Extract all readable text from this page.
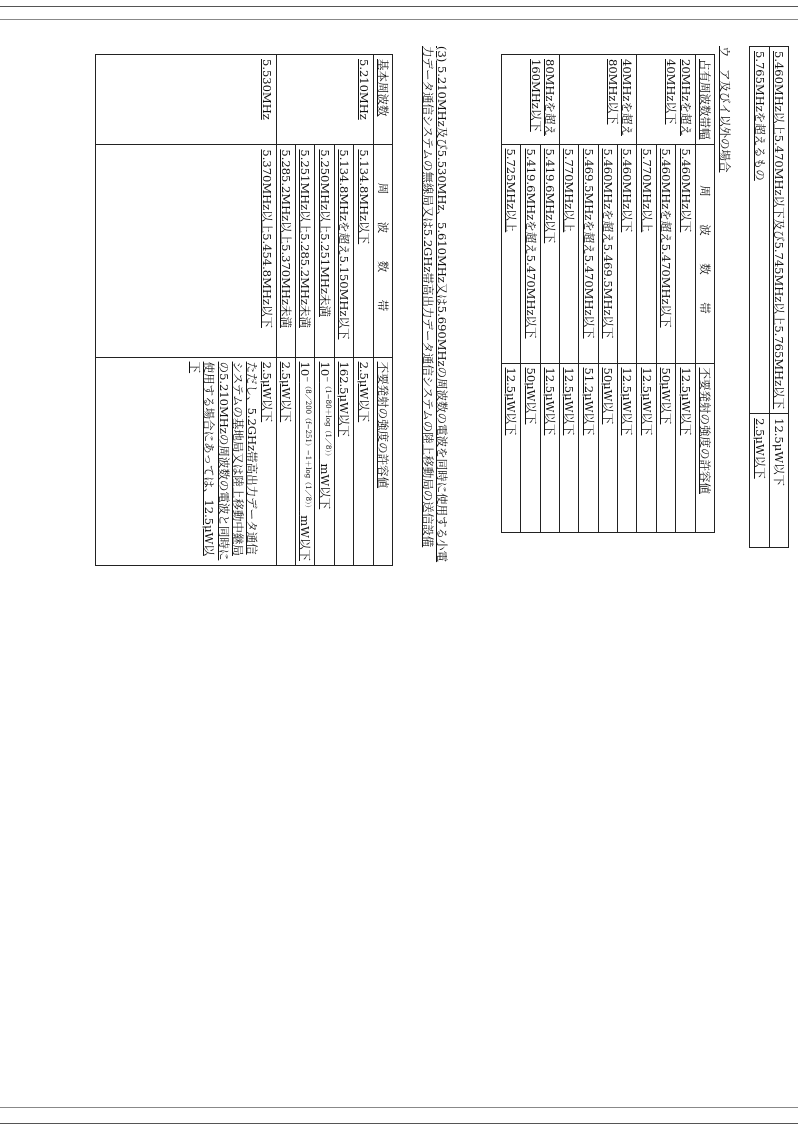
5.460MHz以上5.470MHz以下及び5.745MHz以上5.765MHz以下	12.5μW以下
5.765MHzを超えるもの	2.5μW以下
ウ　ア及びイ以外の場合
占有周波数帯幅	周　波　数　帯	不要発射の強度の許容値
20MHzを超え40MHz以下	5.460MHz以下	12.5μW以下
	5.460MHzを超え5.470MHz以下	50μW以下
	5.770MHz以上	12.5μW以下
40MHzを超え80MHz以下	5.460MHz以下	12.5μW以下
	5.460MHzを超え5.469.5MHz以下	50μW以下
	5.469.5MHzを超え5.470MHz以下	51.2μW以下
	5.770MHz以上	12.5μW以下
80MHzを超え160MHz以下	5.419.6MHz以下	12.5μW以下
	5.419.6MHzを超え5.470MHz以下	50μW以下
	5.725MHz以上	12.5μW以下
(3) 5.210MHz及び5.530MHz、5.610MHz又は5.690MHzの周波数の電波を同時に使用する小電力データ通信システムの無線局又は5.2GHz帯高出力データ通信システムの陸上移動局の送信設備
基本周波数	周　波　数　帯	不要発射の強度の許容値
5.210MHz	5.134.8MHz以下	2.5μW以下
	5.134.8MHzを超え5.150MHz以下	162.5μW以下
	5.250MHz以上5.251MHz未満	10⁻$^{(1-80+log(1/8))}$ mW以下
	5.251MHz以上5.285.2MHz未満	10⁻$^{(8/200(f-251)-1+log(1/8))}$ mW以下
	5.285.2MHz以上5.370MHz未満	2.5μW以下
5.530MHz	5.370MHz以上5.454.8MHz以下	2.5μW以下
ただし、5.2GHz帯高出力データ通信システムの基地局又は陸上移動中継局の5.210MHzの周波数の電波と同時に使用する場合にあっては、12.5μW以下
